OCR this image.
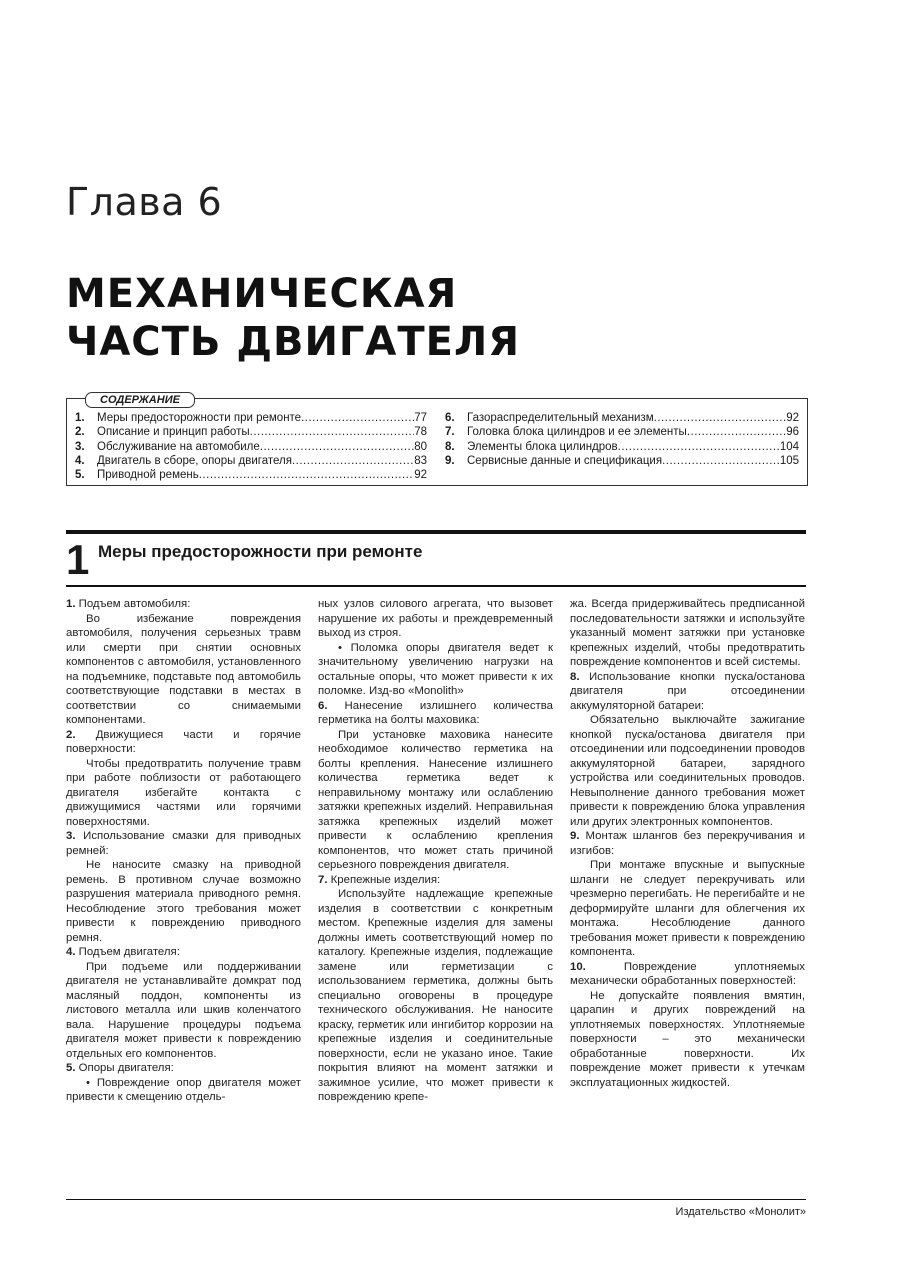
Глава 6
МЕХАНИЧЕСКАЯ
ЧАСТЬ ДВИГАТЕЛЯ
СОДЕРЖАНИЕ
1.	Меры предосторожности при ремонте .....	77
2.	Описание и принцип работы .....	78
3.	Обслуживание на автомобиле .....	80
4.	Двигатель в сборе, опоры двигателя .....	83
5.	Приводной ремень .....	92
6.	Газораспределительный механизм .....	92
7.	Головка блока цилиндров и ее элементы .....	96
8.	Элементы блока цилиндров .....	104
9.	Сервисные данные и спецификация .....	105
1 Меры предосторожности при ремонте

1. Подъем автомобиля:

Во избежание повреждения автомобиля, получения серьезных травм или смерти при снятии основных компонентов с автомобиля, установленного на подъемнике, подставьте под автомобиль соответствующие подставки в местах в соответствии со снимаемыми компонентами.

2. Движущиеся части и горячие поверхности:

Чтобы предотвратить получение травм при работе поблизости от работающего двигателя избегайте контакта с движущимися частями или горячими поверхностями.

3. Использование смазки для приводных ремней:

Не наносите смазку на приводной ремень. В противном случае возможно разрушения материала приводного ремня. Несоблюдение этого требования может привести к повреждению приводного ремня.

4. Подъем двигателя:

При подъеме или поддерживании двигателя не устанавливайте домкрат под масляный поддон, компоненты из листового металла или шкив коленчатого вала. Нарушение процедуры подъема двигателя может привести к повреждению отдельных его компонентов.

5. Опоры двигателя:

• Повреждение опор двигателя может привести к смещению отдель-

ных узлов силового агрегата, что вызовет нарушение их работы и преждевременный выход из строя.

• Поломка опоры двигателя ведет к значительному увеличению нагрузки на остальные опоры, что может привести к их поломке. Изд-во «Monolith»

6. Нанесение излишнего количества герметика на болты маховика:

При установке маховика нанесите необходимое количество герметика на болты крепления. Нанесение излишнего количества герметика ведет к неправильному монтажу или ослаблению затяжки крепежных изделий. Неправильная затяжка крепежных изделий может привести к ослаблению крепления компонентов, что может стать причиной серьезного повреждения двигателя.

7. Крепежные изделия:

Используйте надлежащие крепежные изделия в соответствии с конкретным местом. Крепежные изделия для замены должны иметь соответствующий номер по каталогу. Крепежные изделия, подлежащие замене или герметизации с использованием герметика, должны быть специально оговорены в процедуре технического обслуживания. Не наносите краску, герметик или ингибитор коррозии на крепежные изделия и соединительные поверхности, если не указано иное. Такие покрытия влияют на момент затяжки и зажимное усилие, что может привести к повреждению крепе-

жа. Всегда придерживайтесь предписанной последовательности затяжки и используйте указанный момент затяжки при установке крепежных изделий, чтобы предотвратить повреждение компонентов и всей системы.

8. Использование кнопки пуска/останова двигателя при отсоединении аккумуляторной батареи:

Обязательно выключайте зажигание кнопкой пуска/останова двигателя при отсоединении или подсоединении проводов аккумуляторной батареи, зарядного устройства или соединительных проводов. Невыполнение данного требования может привести к повреждению блока управления или других электронных компонентов.

9. Монтаж шлангов без перекручивания и изгибов:

При монтаже впускные и выпускные шланги не следует перекручивать или чрезмерно перегибать. Не перегибайте и не деформируйте шланги для облегчения их монтажа. Несоблюдение данного требования может привести к повреждению компонента.

10. Повреждение уплотняемых механически обработанных поверхностей:

Не допускайте появления вмятин, царапин и других повреждений на уплотняемых поверхностях. Уплотняемые поверхности – это механически обработанные поверхности. Их повреждение может привести к утечкам эксплуатационных жидкостей.

Издательство «Монолит»
